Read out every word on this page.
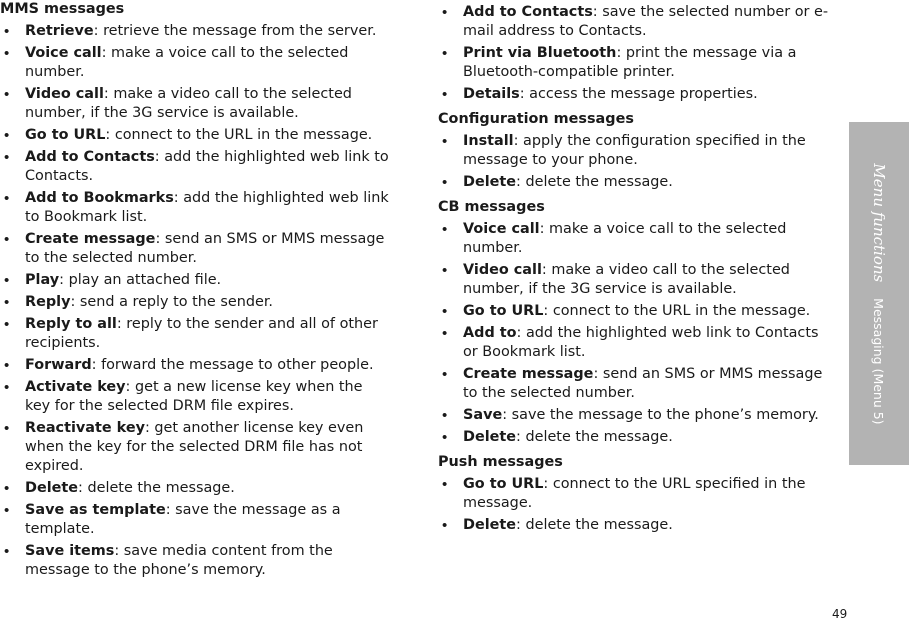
MMS messages

• Retrieve: retrieve the message from the server.
• Voice call: make a voice call to the selected number.
• Video call: make a video call to the selected number, if the 3G service is available.
• Go to URL: connect to the URL in the message.
• Add to Contacts: add the highlighted web link to Contacts.
• Add to Bookmarks: add the highlighted web link to Bookmark list.
• Create message: send an SMS or MMS message to the selected number.
• Play: play an attached file.
• Reply: send a reply to the sender.
• Reply to all: reply to the sender and all of other recipients.
• Forward: forward the message to other people.
• Activate key: get a new license key when the key for the selected DRM file expires.
• Reactivate key: get another license key even when the key for the selected DRM file has not expired.
• Delete: delete the message.
• Save as template: save the message as a template.
• Save items: save media content from the message to the phone’s memory.
• Add to Contacts: save the selected number or e-mail address to Contacts.
• Print via Bluetooth: print the message via a Bluetooth-compatible printer.
• Details: access the message properties.

Configuration messages

• Install: apply the configuration specified in the message to your phone.
• Delete: delete the message.

CB messages

• Voice call: make a voice call to the selected number.
• Video call: make a video call to the selected number, if the 3G service is available.
• Go to URL: connect to the URL in the message.
• Add to: add the highlighted web link to Contacts or Bookmark list.
• Create message: send an SMS or MMS message to the selected number.
• Save: save the message to the phone’s memory.
• Delete: delete the message.

Push messages

• Go to URL: connect to the URL specified in the message.
• Delete: delete the message.
Menu functions    Messaging (Menu 5)
49
